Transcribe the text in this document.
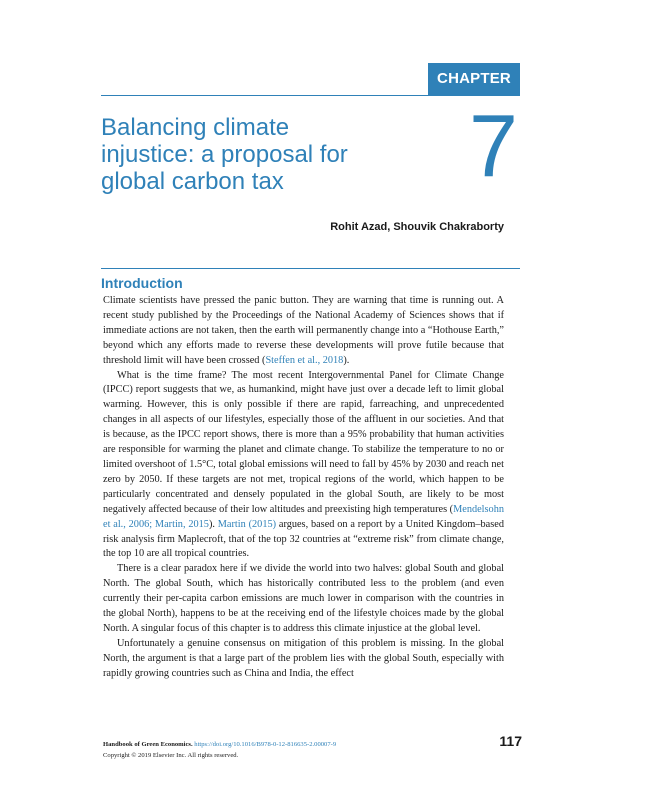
CHAPTER
Balancing climate
injustice: a proposal for
global carbon tax	7
Rohit Azad, Shouvik Chakraborty
Introduction

Climate scientists have pressed the panic button. They are warning that time is running out. A recent study published by the Proceedings of the National Academy of Sciences shows that if immediate actions are not taken, then the earth will permanently change into a “Hothouse Earth,” beyond which any efforts made to reverse these developments will prove futile because that threshold limit will have been crossed (Steffen et al., 2018).

What is the time frame? The most recent Intergovernmental Panel for Climate Change (IPCC) report suggests that we, as humankind, might have just over a decade left to limit global warming. However, this is only possible if there are rapid, farreaching, and unprecedented changes in all aspects of our lifestyles, especially those of the affluent in our societies. And that is because, as the IPCC report shows, there is more than a 95% probability that human activities are responsible for warming the planet and climate change. To stabilize the temperature to no or limited overshoot of 1.5°C, total global emissions will need to fall by 45% by 2030 and reach net zero by 2050. If these targets are not met, tropical regions of the world, which happen to be particularly concentrated and densely populated in the global South, are likely to be most negatively affected because of their low altitudes and preexisting high temperatures (Mendelsohn et al., 2006; Martin, 2015). Martin (2015) argues, based on a report by a United Kingdom–based risk analysis firm Maplecroft, that of the top 32 countries at “extreme risk” from climate change, the top 10 are all tropical countries.

There is a clear paradox here if we divide the world into two halves: global South and global North. The global South, which has historically contributed less to the problem (and even currently their per-capita carbon emissions are much lower in comparison with the countries in the global North), happens to be at the receiving end of the lifestyle choices made by the global North. A singular focus of this chapter is to address this climate injustice at the global level.

Unfortunately a genuine consensus on mitigation of this problem is missing. In the global North, the argument is that a large part of the problem lies with the global South, especially with rapidly growing countries such as China and India, the effect

Handbook of Green Economics. https://doi.org/10.1016/B978-0-12-816635-2.00007-9
Copyright © 2019 Elsevier Inc. All rights reserved.
117
